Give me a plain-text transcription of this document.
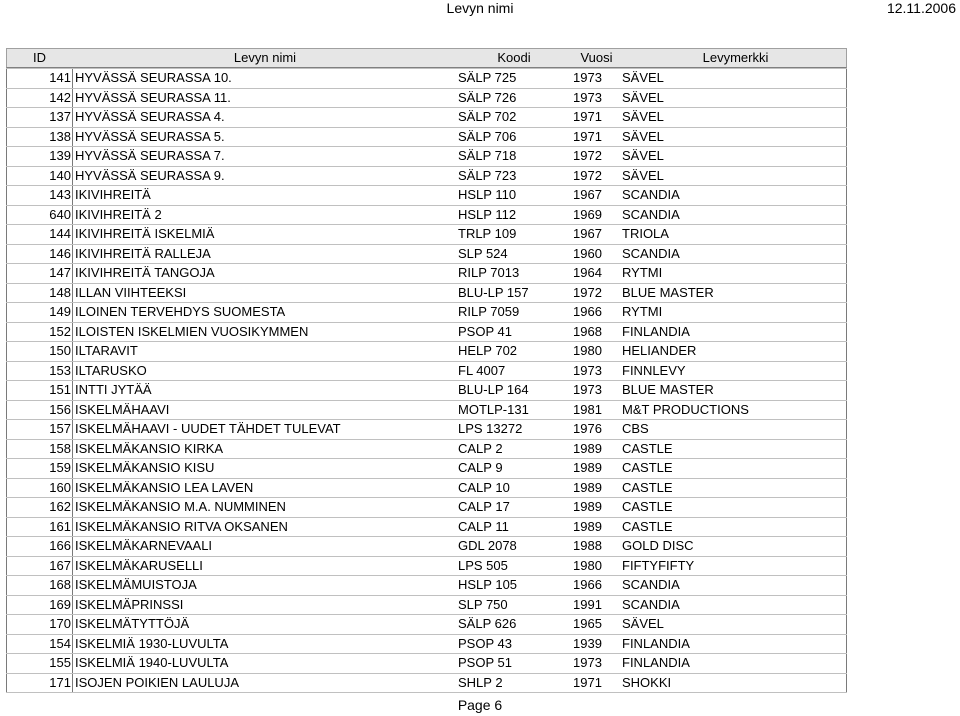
Levyn nimi	12.11.2006
ID	Levyn nimi	Koodi	Vuosi	Levymerkki
141 HYVÄSSÄ SEURASSA 10.	SÄLP 725	1973	SÄVEL
142 HYVÄSSÄ SEURASSA 11.	SÄLP 726	1973	SÄVEL
137 HYVÄSSÄ SEURASSA 4.	SÄLP 702	1971	SÄVEL
138 HYVÄSSÄ SEURASSA 5.	SÄLP 706	1971	SÄVEL
139 HYVÄSSÄ SEURASSA 7.	SÄLP 718	1972	SÄVEL
140 HYVÄSSÄ SEURASSA 9.	SÄLP 723	1972	SÄVEL
143 IKIVIHREITÄ	HSLP 110	1967	SCANDIA
640 IKIVIHREITÄ 2	HSLP 112	1969	SCANDIA
144 IKIVIHREITÄ ISKELMIÄ	TRLP 109	1967	TRIOLA
146 IKIVIHREITÄ RALLEJA	SLP 524	1960	SCANDIA
147 IKIVIHREITÄ TANGOJA	RILP 7013	1964	RYTMI
148 ILLAN VIIHTEEKSI	BLU-LP 157	1972	BLUE MASTER
149 ILOINEN TERVEHDYS SUOMESTA	RILP 7059	1966	RYTMI
152 ILOISTEN ISKELMIEN VUOSIKYMMEN	PSOP 41	1968	FINLANDIA
150 ILTARAVIT	HELP 702	1980	HELIANDER
153 ILTARUSKO	FL 4007	1973	FINNLEVY
151 INTTI JYTÄÄ	BLU-LP 164	1973	BLUE MASTER
156 ISKELMÄHAAVI	MOTLP-131	1981	M&T PRODUCTIONS
157 ISKELMÄHAAVI - UUDET TÄHDET TULEVAT	LPS 13272	1976	CBS
158 ISKELMÄKANSIO KIRKA	CALP 2	1989	CASTLE
159 ISKELMÄKANSIO KISU	CALP 9	1989	CASTLE
160 ISKELMÄKANSIO LEA LAVEN	CALP 10	1989	CASTLE
162 ISKELMÄKANSIO M.A. NUMMINEN	CALP 17	1989	CASTLE
161 ISKELMÄKANSIO RITVA OKSANEN	CALP 11	1989	CASTLE
166 ISKELMÄKARNEVAALI	GDL 2078	1988	GOLD DISC
167 ISKELMÄKARUSELLI	LPS 505	1980	FIFTYFIFTY
168 ISKELMÄMUISTOJA	HSLP 105	1966	SCANDIA
169 ISKELMÄPRINSSI	SLP 750	1991	SCANDIA
170 ISKELMÄTYTTÖJÄ	SÄLP 626	1965	SÄVEL
154 ISKELMIÄ 1930-LUVULTA	PSOP 43	1939	FINLANDIA
155 ISKELMIÄ 1940-LUVULTA	PSOP 51	1973	FINLANDIA
171 ISOJEN POIKIEN LAULUJA	SHLP 2	1971	SHOKKI
Page 6
